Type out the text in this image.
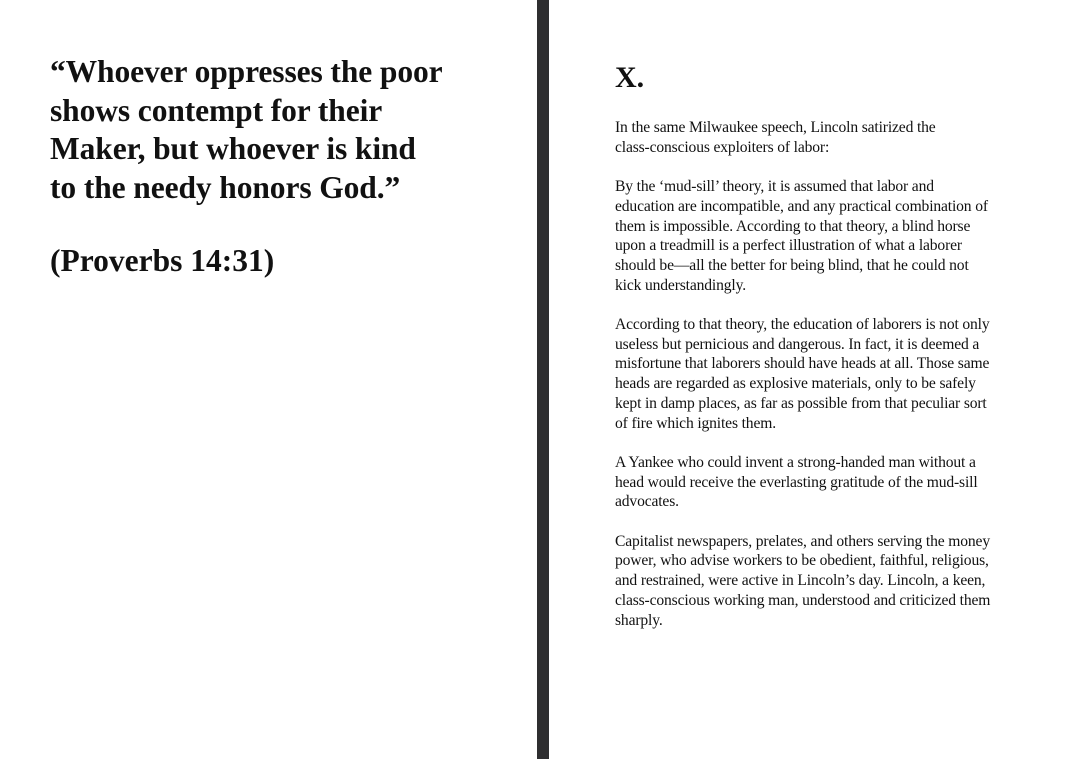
“Whoever oppresses the poor
shows contempt for their
Maker, but whoever is kind
to the needy honors God.”

(Proverbs 14:31)

X.

In the same Milwaukee speech, Lincoln satirized the
class-conscious exploiters of labor:

By the ‘mud-sill’ theory, it is assumed that labor and
education are incompatible, and any practical combination of
them is impossible. According to that theory, a blind horse
upon a treadmill is a perfect illustration of what a laborer
should be—all the better for being blind, that he could not
kick understandingly.

According to that theory, the education of laborers is not only
useless but pernicious and dangerous. In fact, it is deemed a
misfortune that laborers should have heads at all. Those same
heads are regarded as explosive materials, only to be safely
kept in damp places, as far as possible from that peculiar sort
of fire which ignites them.

A Yankee who could invent a strong-handed man without a
head would receive the everlasting gratitude of the mud-sill
advocates.

Capitalist newspapers, prelates, and others serving the money
power, who advise workers to be obedient, faithful, religious,
and restrained, were active in Lincoln’s day. Lincoln, a keen,
class-conscious working man, understood and criticized them
sharply.
